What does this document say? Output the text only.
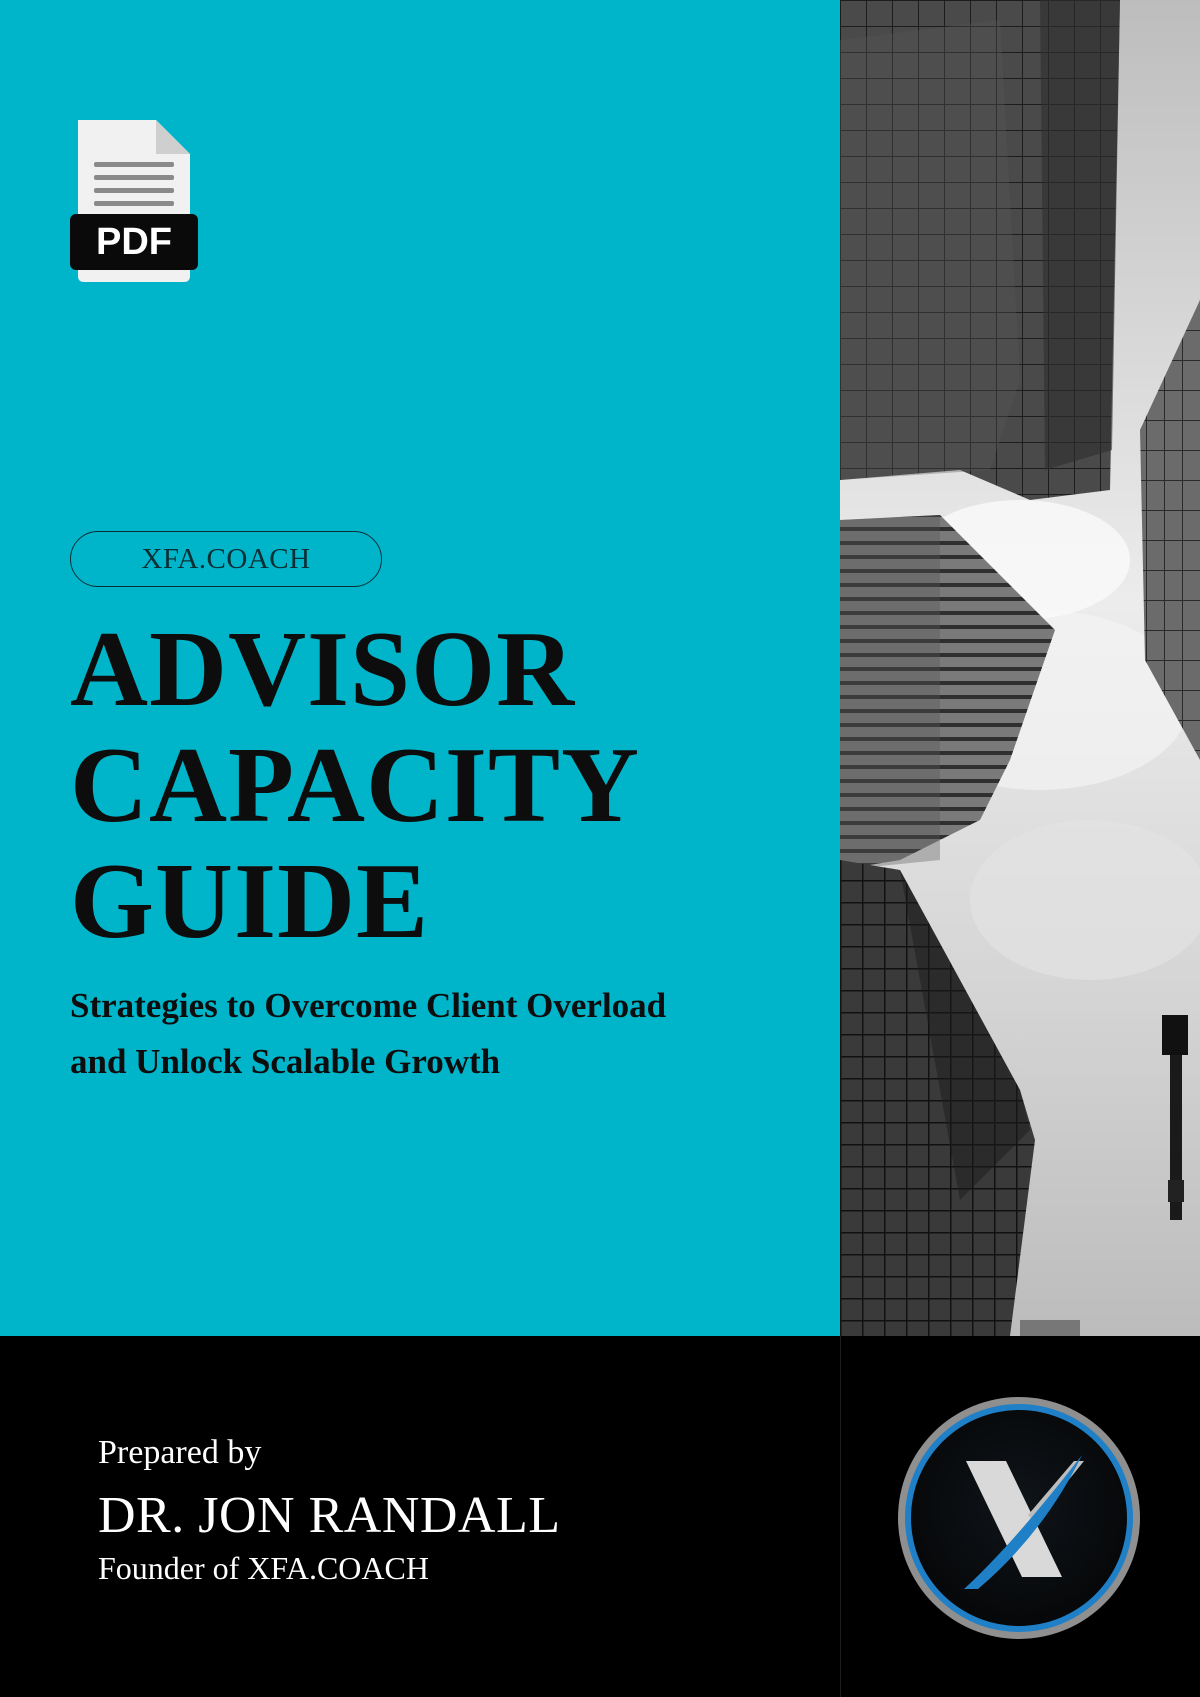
PDF
XFA.COACH
ADVISOR
CAPACITY
GUIDE
Strategies to Overcome Client Overload
and Unlock Scalable Growth
Prepared by
DR. JON RANDALL
Founder of XFA.COACH
